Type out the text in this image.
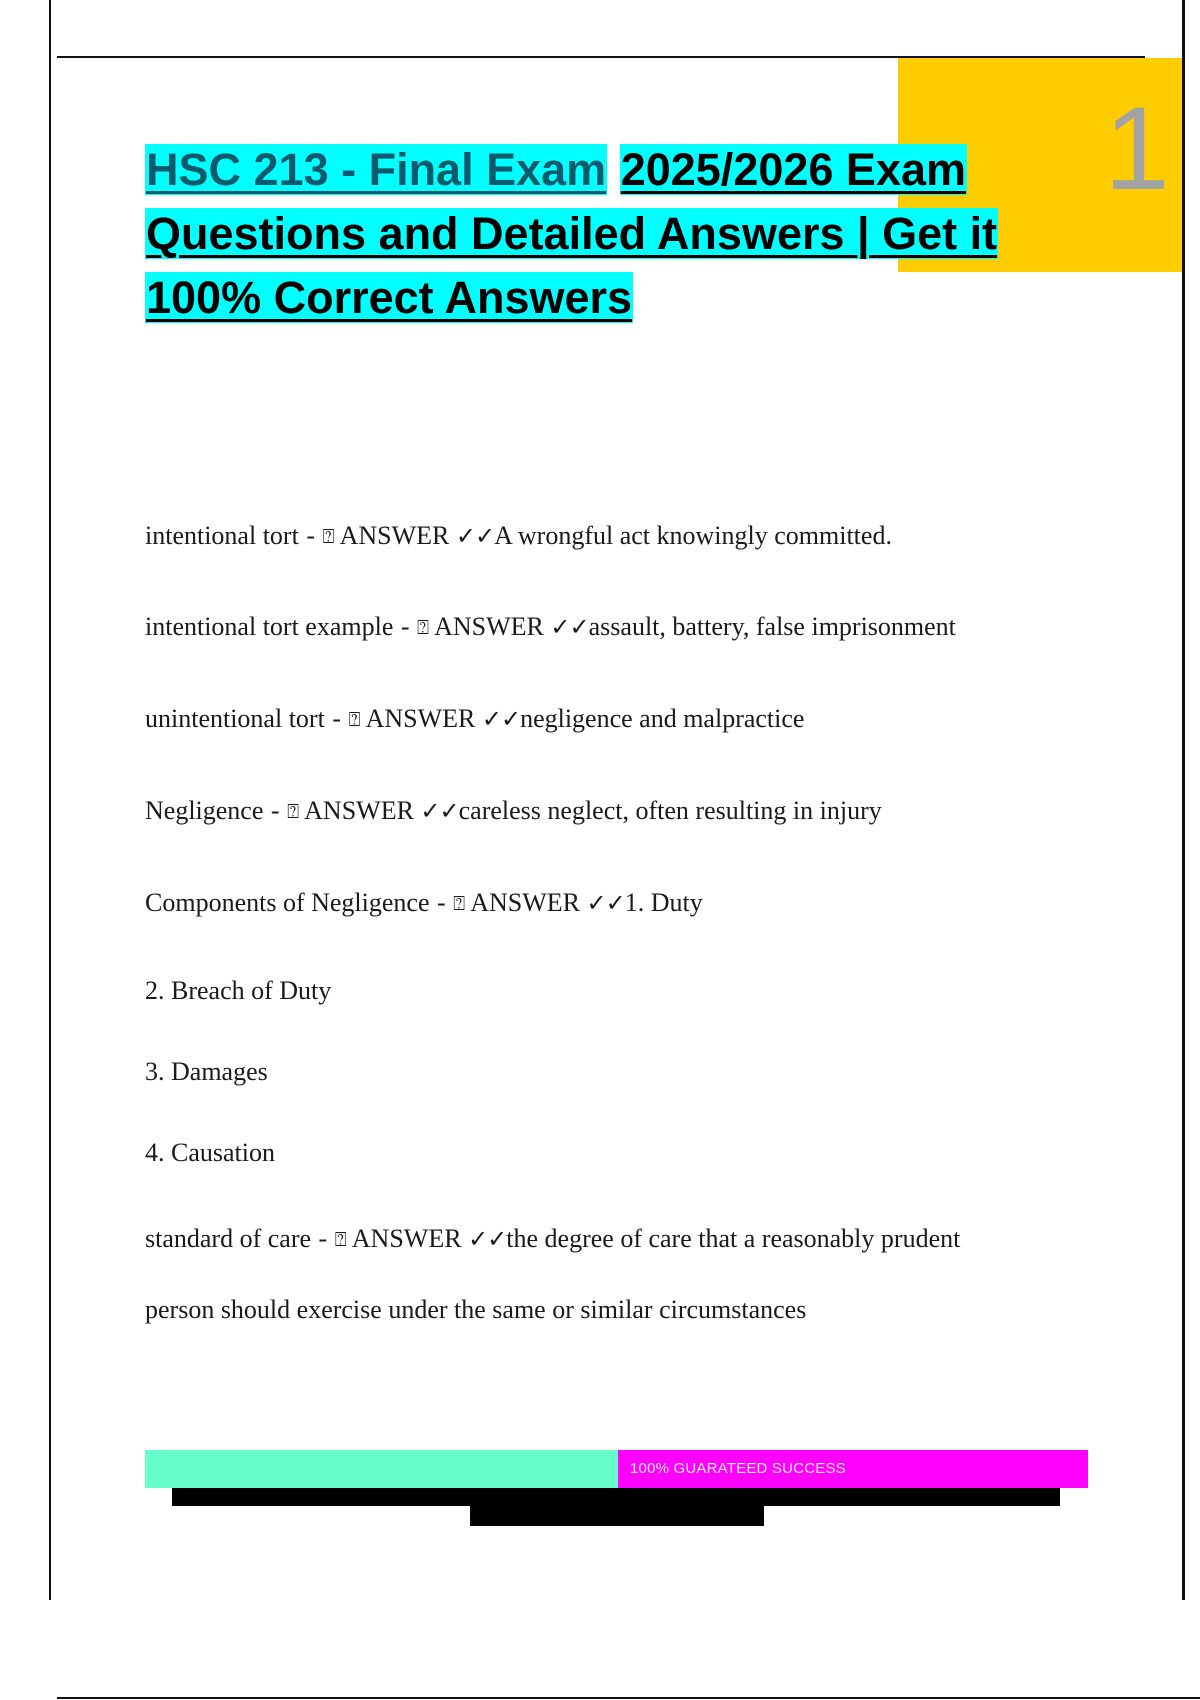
1
HSC 213 - Final Exam 2025/2026 Exam
Questions and Detailed Answers | Get it
100% Correct Answers
intentional tort - ⍰ ANSWER ✓✓A wrongful act knowingly committed.
intentional tort example - ⍰ ANSWER ✓✓assault, battery, false imprisonment
unintentional tort - ⍰ ANSWER ✓✓negligence and malpractice
Negligence - ⍰ ANSWER ✓✓careless neglect, often resulting in injury
Components of Negligence - ⍰ ANSWER ✓✓1. Duty
2. Breach of Duty
3. Damages
4. Causation
standard of care - ⍰ ANSWER ✓✓the degree of care that a reasonably prudent
person should exercise under the same or similar circumstances
100% GUARATEED SUCCESS
